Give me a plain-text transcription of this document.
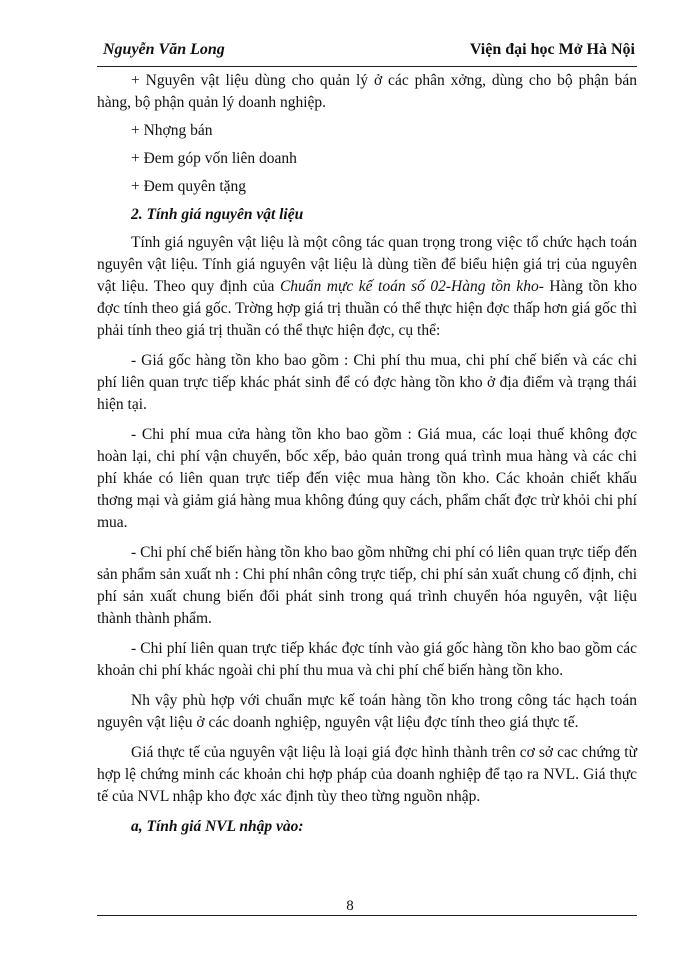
Nguyễn Văn Long	Viện đại học Mở Hà Nội

+ Nguyên vật liệu dùng cho quản lý ở các phân xởng, dùng cho bộ phận bán hàng, bộ phận quản lý doanh nghiệp.

+ Nhợng bán

+ Đem góp vốn liên doanh

+ Đem quyên tặng

2. Tính giá nguyên vật liệu

Tính giá nguyên vật liệu là một công tác quan trọng trong việc tổ chức hạch toán nguyên vật liệu. Tính giá nguyên vật liệu là dùng tiền để biểu hiện giá trị của nguyên vật liệu. Theo quy định của Chuẩn mực kế toán số 02-Hàng tồn kho- Hàng tồn kho đợc tính theo giá gốc. Trờng hợp giá trị thuần có thể thực hiện đợc thấp hơn giá gốc thì phải tính theo giá trị thuần có thể thực hiện đợc, cụ thể:

- Giá gốc hàng tồn kho bao gồm : Chi phí thu mua, chi phí chế biến và các chi phí liên quan trực tiếp khác phát sinh để có đợc hàng tồn kho ở địa điểm và trạng thái hiện tại.

- Chi phí mua cửa hàng tồn kho bao gồm : Giá mua, các loại thuế không đợc hoàn lại, chi phí vận chuyển, bốc xếp, bảo quản trong quá trình mua hàng và các chi phí kháe có liên quan trực tiếp đến việc mua hàng tồn kho. Các khoản chiết khấu thơng mại và giảm giá hàng mua không đúng quy cách, phẩm chất đợc trừ khỏi chi phí mua.

- Chi phí chế biến hàng tồn kho bao gồm những chi phí có liên quan trực tiếp đến sản phẩm sản xuất nh : Chi phí nhân công trực tiếp, chi phí sản xuất chung cố định, chi phí sản xuất chung biến đổi phát sinh trong quá trình chuyển hóa nguyên, vật liệu thành thành phẩm.

- Chi phí liên quan trực tiếp khác đợc tính vào giá gốc hàng tồn kho bao gồm các khoản chi phí khác ngoài chi phí thu mua và chi phí chế biến hàng tồn kho.

Nh vậy phù hợp với chuẩn mực kế toán hàng tồn kho trong công tác hạch toán nguyên vật liệu ở các doanh nghiệp, nguyên vật liệu đợc tính theo giá thực tế.

Giá thực tế của nguyên vật liệu là loại giá đợc hình thành trên cơ sở cac chứng từ hợp lệ chứng minh các khoản chi hợp pháp của doanh nghiệp để tạo ra NVL. Giá thực tế của NVL nhập kho đợc xác định tùy theo từng nguồn nhập.

a, Tính giá NVL nhập vào:

8
